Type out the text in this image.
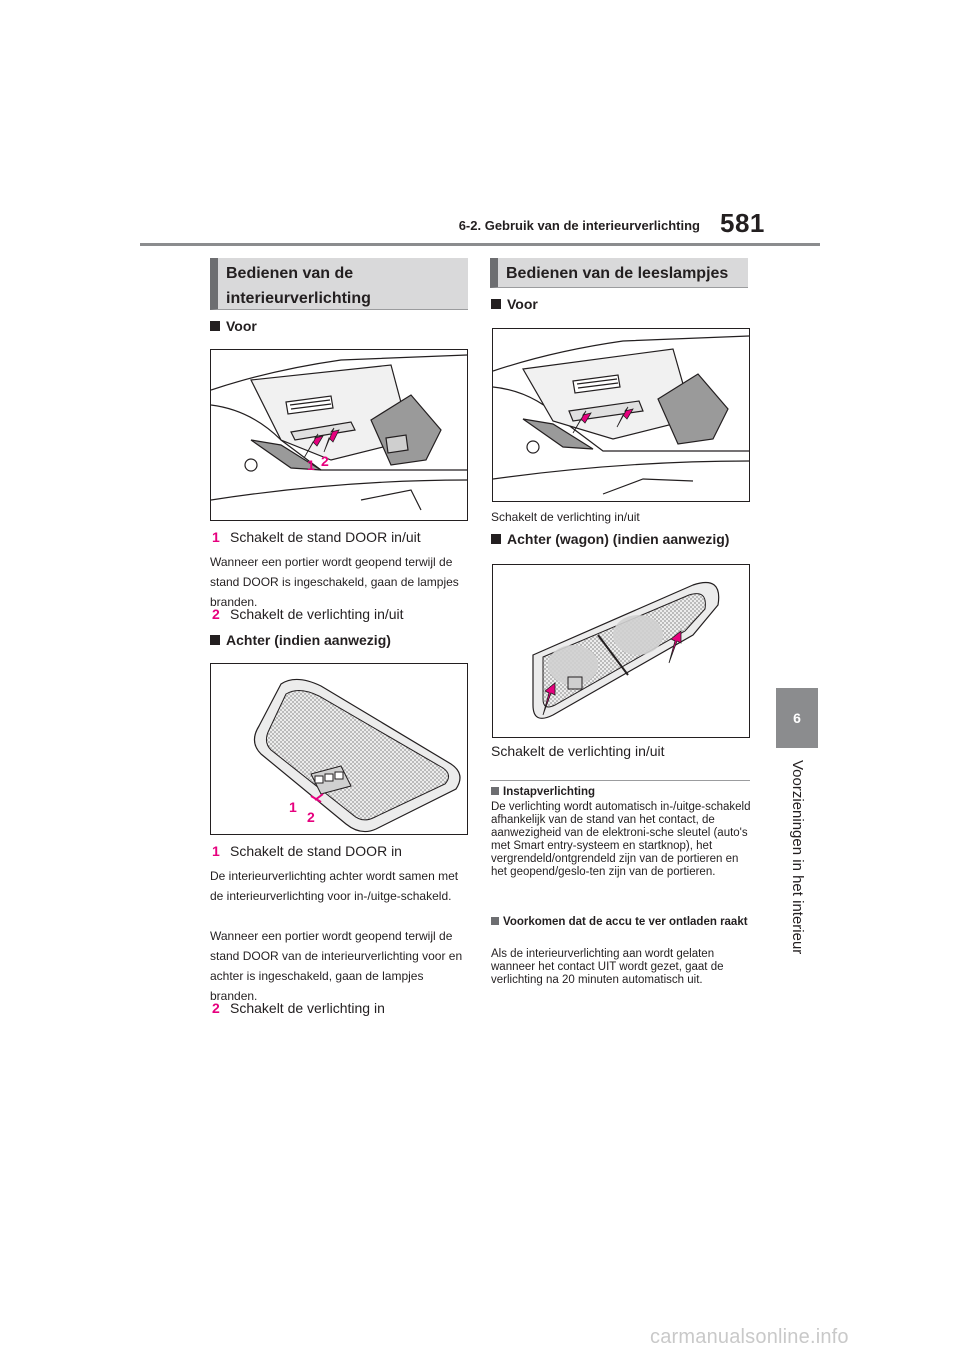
6-2. Gebruik van de interieurverlichting 581
6
Voorzieningen in het interieur
Bedienen van de interieurverlichting
Voor
1 2
1 Schakelt de stand DOOR in/uit
Wanneer een portier wordt geopend terwijl de stand DOOR is ingeschakeld, gaan de lampjes branden.
2 Schakelt de verlichting in/uit
Achter (indien aanwezig)
1
2
1 Schakelt de stand DOOR in
De interieurverlichting achter wordt samen met de interieurverlichting voor in-/uitge-schakeld.
Wanneer een portier wordt geopend terwijl de stand DOOR van de interieurverlichting voor en achter is ingeschakeld, gaan de lampjes branden.
2 Schakelt de verlichting in
Bedienen van de leeslampjes
Voor
Schakelt de verlichting in/uit
Achter (wagon) (indien aanwezig)
Schakelt de verlichting in/uit
Instapverlichting
De verlichting wordt automatisch in-/uitge-schakeld afhankelijk van de stand van het contact, de aanwezigheid van de elektroni-sche sleutel (auto's met Smart entry-systeem en startknop), het vergrendeld/ontgrendeld zijn van de portieren en het geopend/geslo-ten zijn van de portieren.
Voorkomen dat de accu te ver ontladen raakt
Als de interieurverlichting aan wordt gelaten wanneer het contact UIT wordt gezet, gaat de verlichting na 20 minuten automatisch uit.
carmanualsonline.info
